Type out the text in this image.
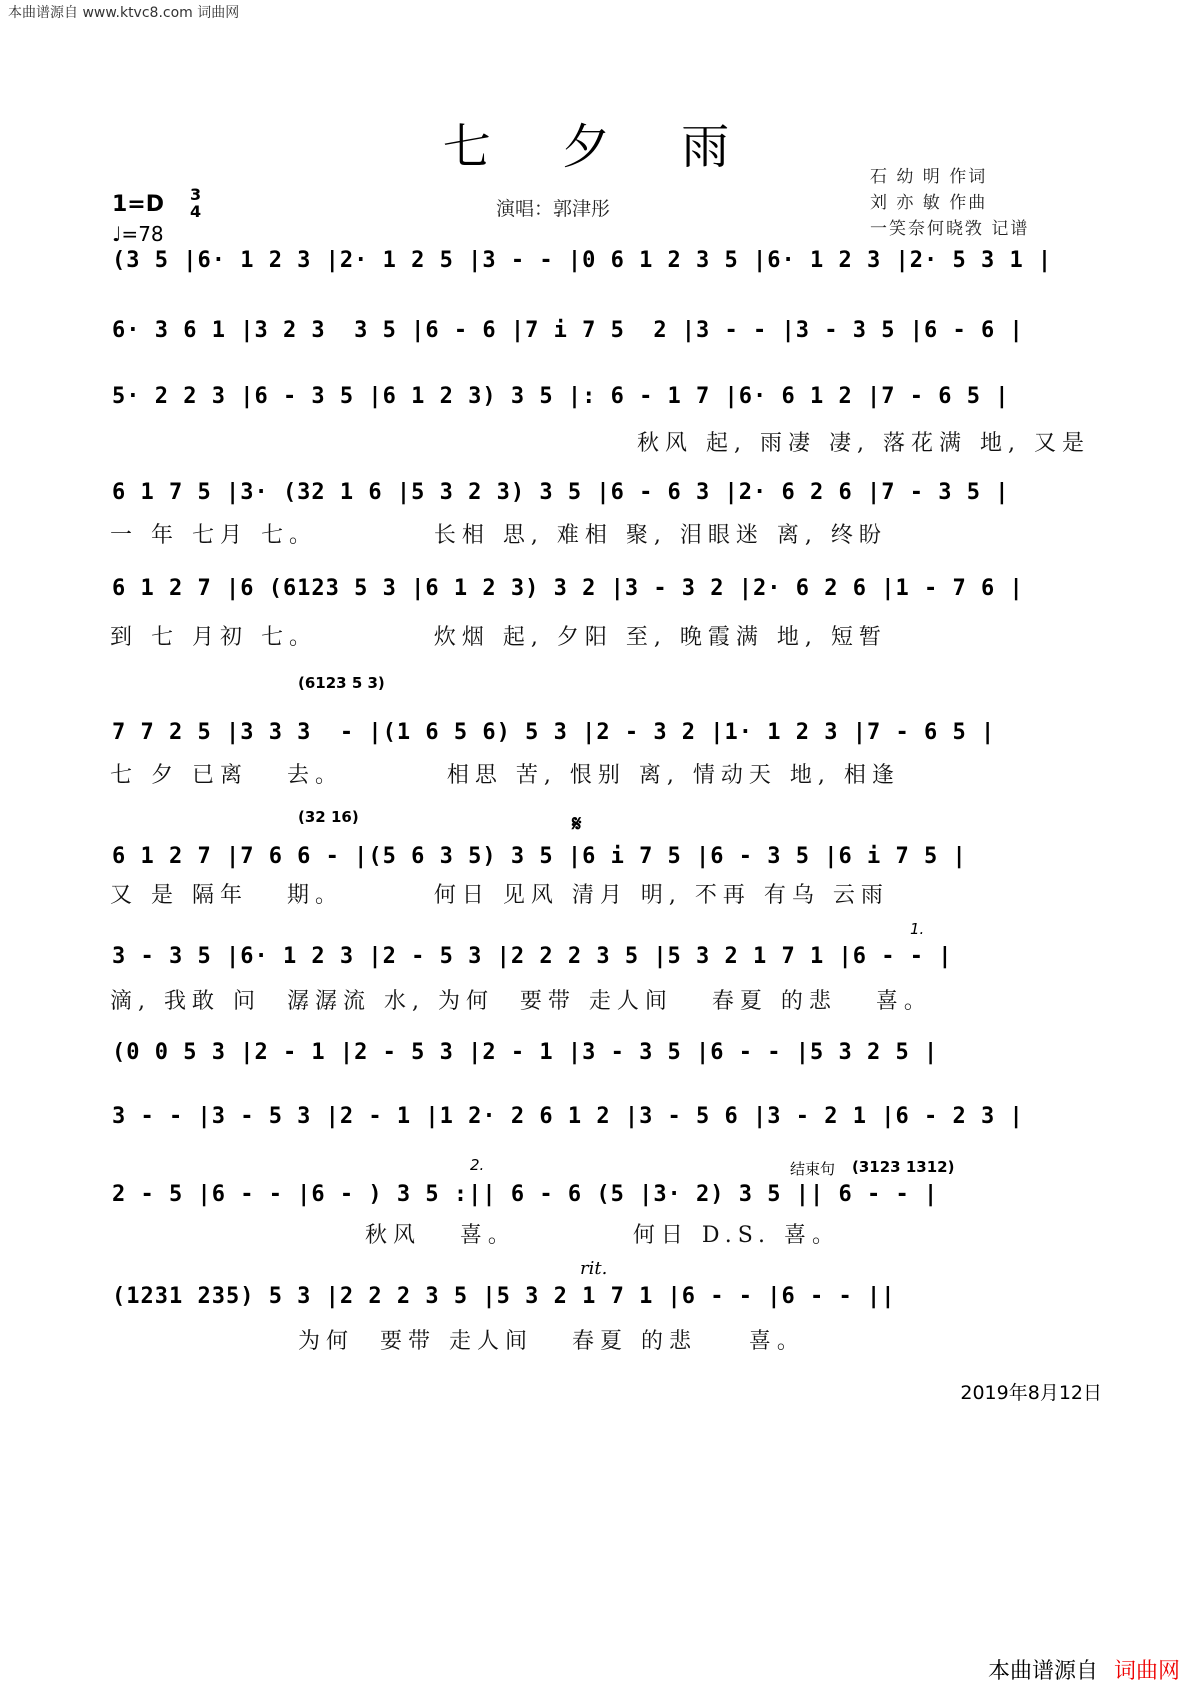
本曲谱源自 www.ktvc8.com 词曲网
七 夕 雨
1=D 3
4
♩=78
演唱：郭津彤
石 幼 明 作词
刘 亦 敏 作曲
一笑奈何晓敩 记谱
𝄋
rit.
(6123 5 3)
(32 16)
1.
2.	结束句 (3123 1312)
(3 5 |6· 1 2 3 |2· 1 2 5 |3 - - |0 6 1 2 3 5 |6· 1 2 3 |2· 5 3 1 |
6· 3 6 1 |3 2 3  3 5 |6 - 6 |7 i 7 5  2 |3 - - |3 - 3 5 |6 - 6 |
5· 2 2 3 |6 - 3 5 |6 1 2 3) 3 5 |: 6 - 1 7 |6· 6 1 2 |7 - 6 5 |
秋风 起, 雨凄 凄, 落花满 地, 又是
6 1 7 5 |3· (32 1 6 |5 3 2 3) 3 5 |6 - 6 3 |2· 6 2 6 |7 - 3 5 |
一 年 七月 七。         长相 思, 难相 聚, 泪眼迷 离, 终盼
6 1 2 7 |6 (6123 5 3 |6 1 2 3) 3 2 |3 - 3 2 |2· 6 2 6 |1 - 7 6 |
到 七 月初 七。         炊烟 起, 夕阳 至, 晚霞满 地, 短暂
7 7 2 5 |3 3 3  - |(1 6 5 6) 5 3 |2 - 3 2 |1· 1 2 3 |7 - 6 5 |
七 夕 已离   去。        相思 苦, 恨别 离, 情动天 地, 相逢
6 1 2 7 |7 6 6 - |(5 6 3 5) 3 5 |6 i 7 5 |6 - 3 5 |6 i 7 5 |
又 是 隔年   期。       何日 见风 清月 明, 不再 有乌 云雨
3 - 3 5 |6· 1 2 3 |2 - 5 3 |2 2 2 3 5 |5 3 2 1 7 1 |6 - - |
滴, 我敢 问  潺潺流 水, 为何  要带 走人间   春夏 的悲   喜。
(0 0 5 3 |2 - 1 |2 - 5 3 |2 - 1 |3 - 3 5 |6 - - |5 3 2 5 |
3 - - |3 - 5 3 |2 - 1 |1 2· 2 6 1 2 |3 - 5 6 |3 - 2 1 |6 - 2 3 |
2 - 5 |6 - - |6 - ) 3 5 :|| 6 - 6 (5 |3· 2) 3 5 || 6 - - |
秋风   喜。         何日 D.S. 喜。
(1231 235) 5 3 |2 2 2 3 5 |5 3 2 1 7 1 |6 - - |6 - - ||
为何  要带 走人间   春夏 的悲    喜。
2019年8月12日
本曲谱源自 词曲网
